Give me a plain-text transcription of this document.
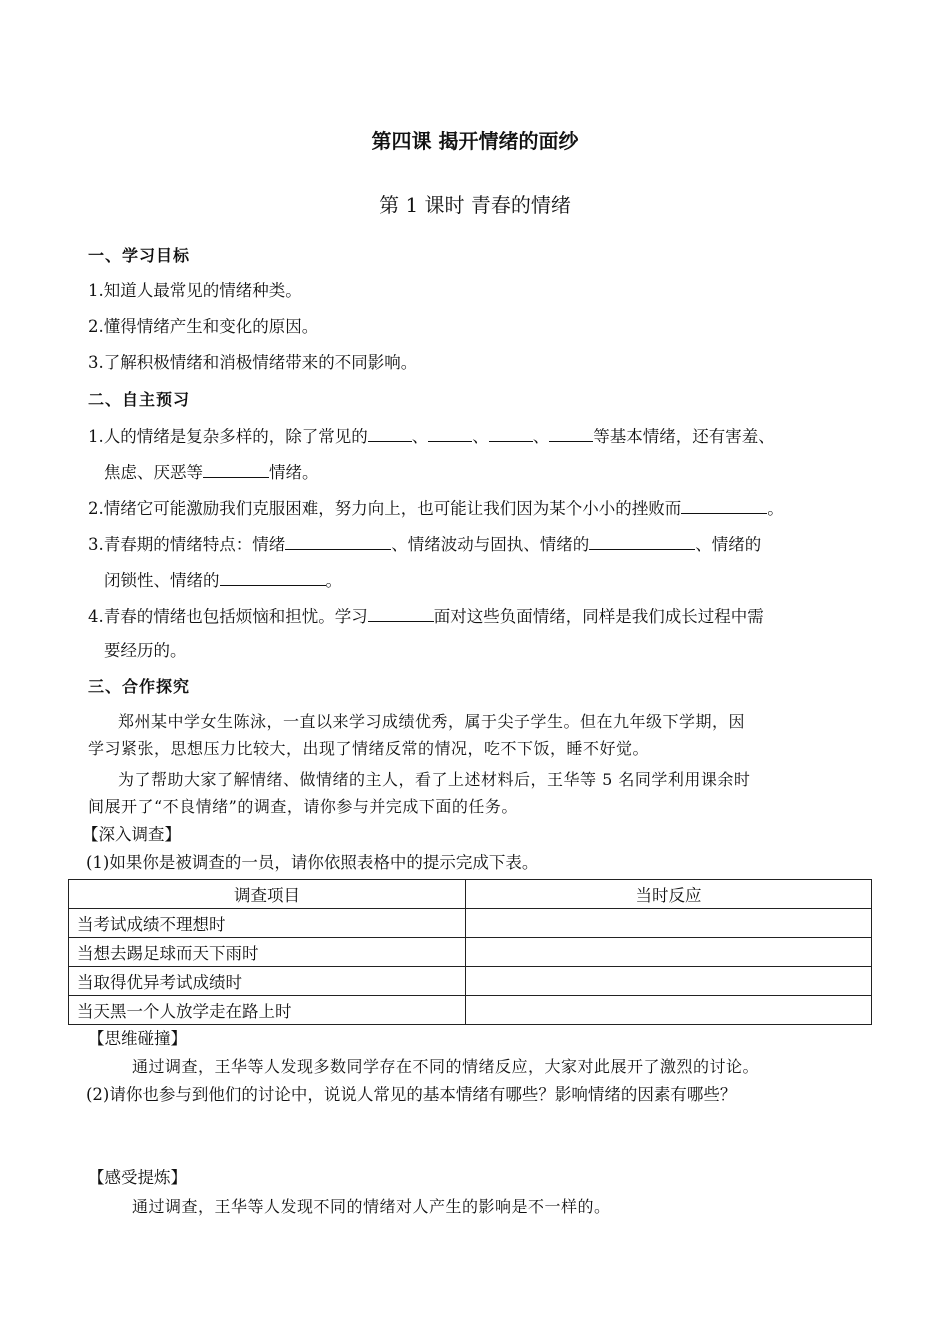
第四课 揭开情绪的面纱
第 1 课时 青春的情绪
一、学习目标
1.知道人最常见的情绪种类。
2.懂得情绪产生和变化的原因。
3.了解积极情绪和消极情绪带来的不同影响。
二、自主预习
1.人的情绪是复杂多样的，除了常见的	、	、	、	等基本情绪，还有害羞、
焦虑、厌恶等	情绪。
2.情绪它可能激励我们克服困难，努力向上，也可能让我们因为某个小小的挫败而	。
3.青春期的情绪特点：情绪	、情绪波动与固执、情绪的	、情绪的
闭锁性、情绪的	。
4.青春的情绪也包括烦恼和担忧。学习	面对这些负面情绪，同样是我们成长过程中需
要经历的。
三、合作探究
郑州某中学女生陈泳，一直以来学习成绩优秀，属于尖子学生。但在九年级下学期，因
学习紧张，思想压力比较大，出现了情绪反常的情况，吃不下饭，睡不好觉。
为了帮助大家了解情绪、做情绪的主人，看了上述材料后，王华等 5 名同学利用课余时
间展开了“不良情绪”的调查，请你参与并完成下面的任务。
【深入调查】
(1)如果你是被调查的一员，请你依照表格中的提示完成下表。
调查项目	当时反应
当考试成绩不理想时	
当想去踢足球而天下雨时	
当取得优异考试成绩时	
当天黑一个人放学走在路上时	
【思维碰撞】
通过调查，王华等人发现多数同学存在不同的情绪反应，大家对此展开了激烈的讨论。
(2)请你也参与到他们的讨论中，说说人常见的基本情绪有哪些？影响情绪的因素有哪些？
【感受提炼】
通过调查，王华等人发现不同的情绪对人产生的影响是不一样的。
